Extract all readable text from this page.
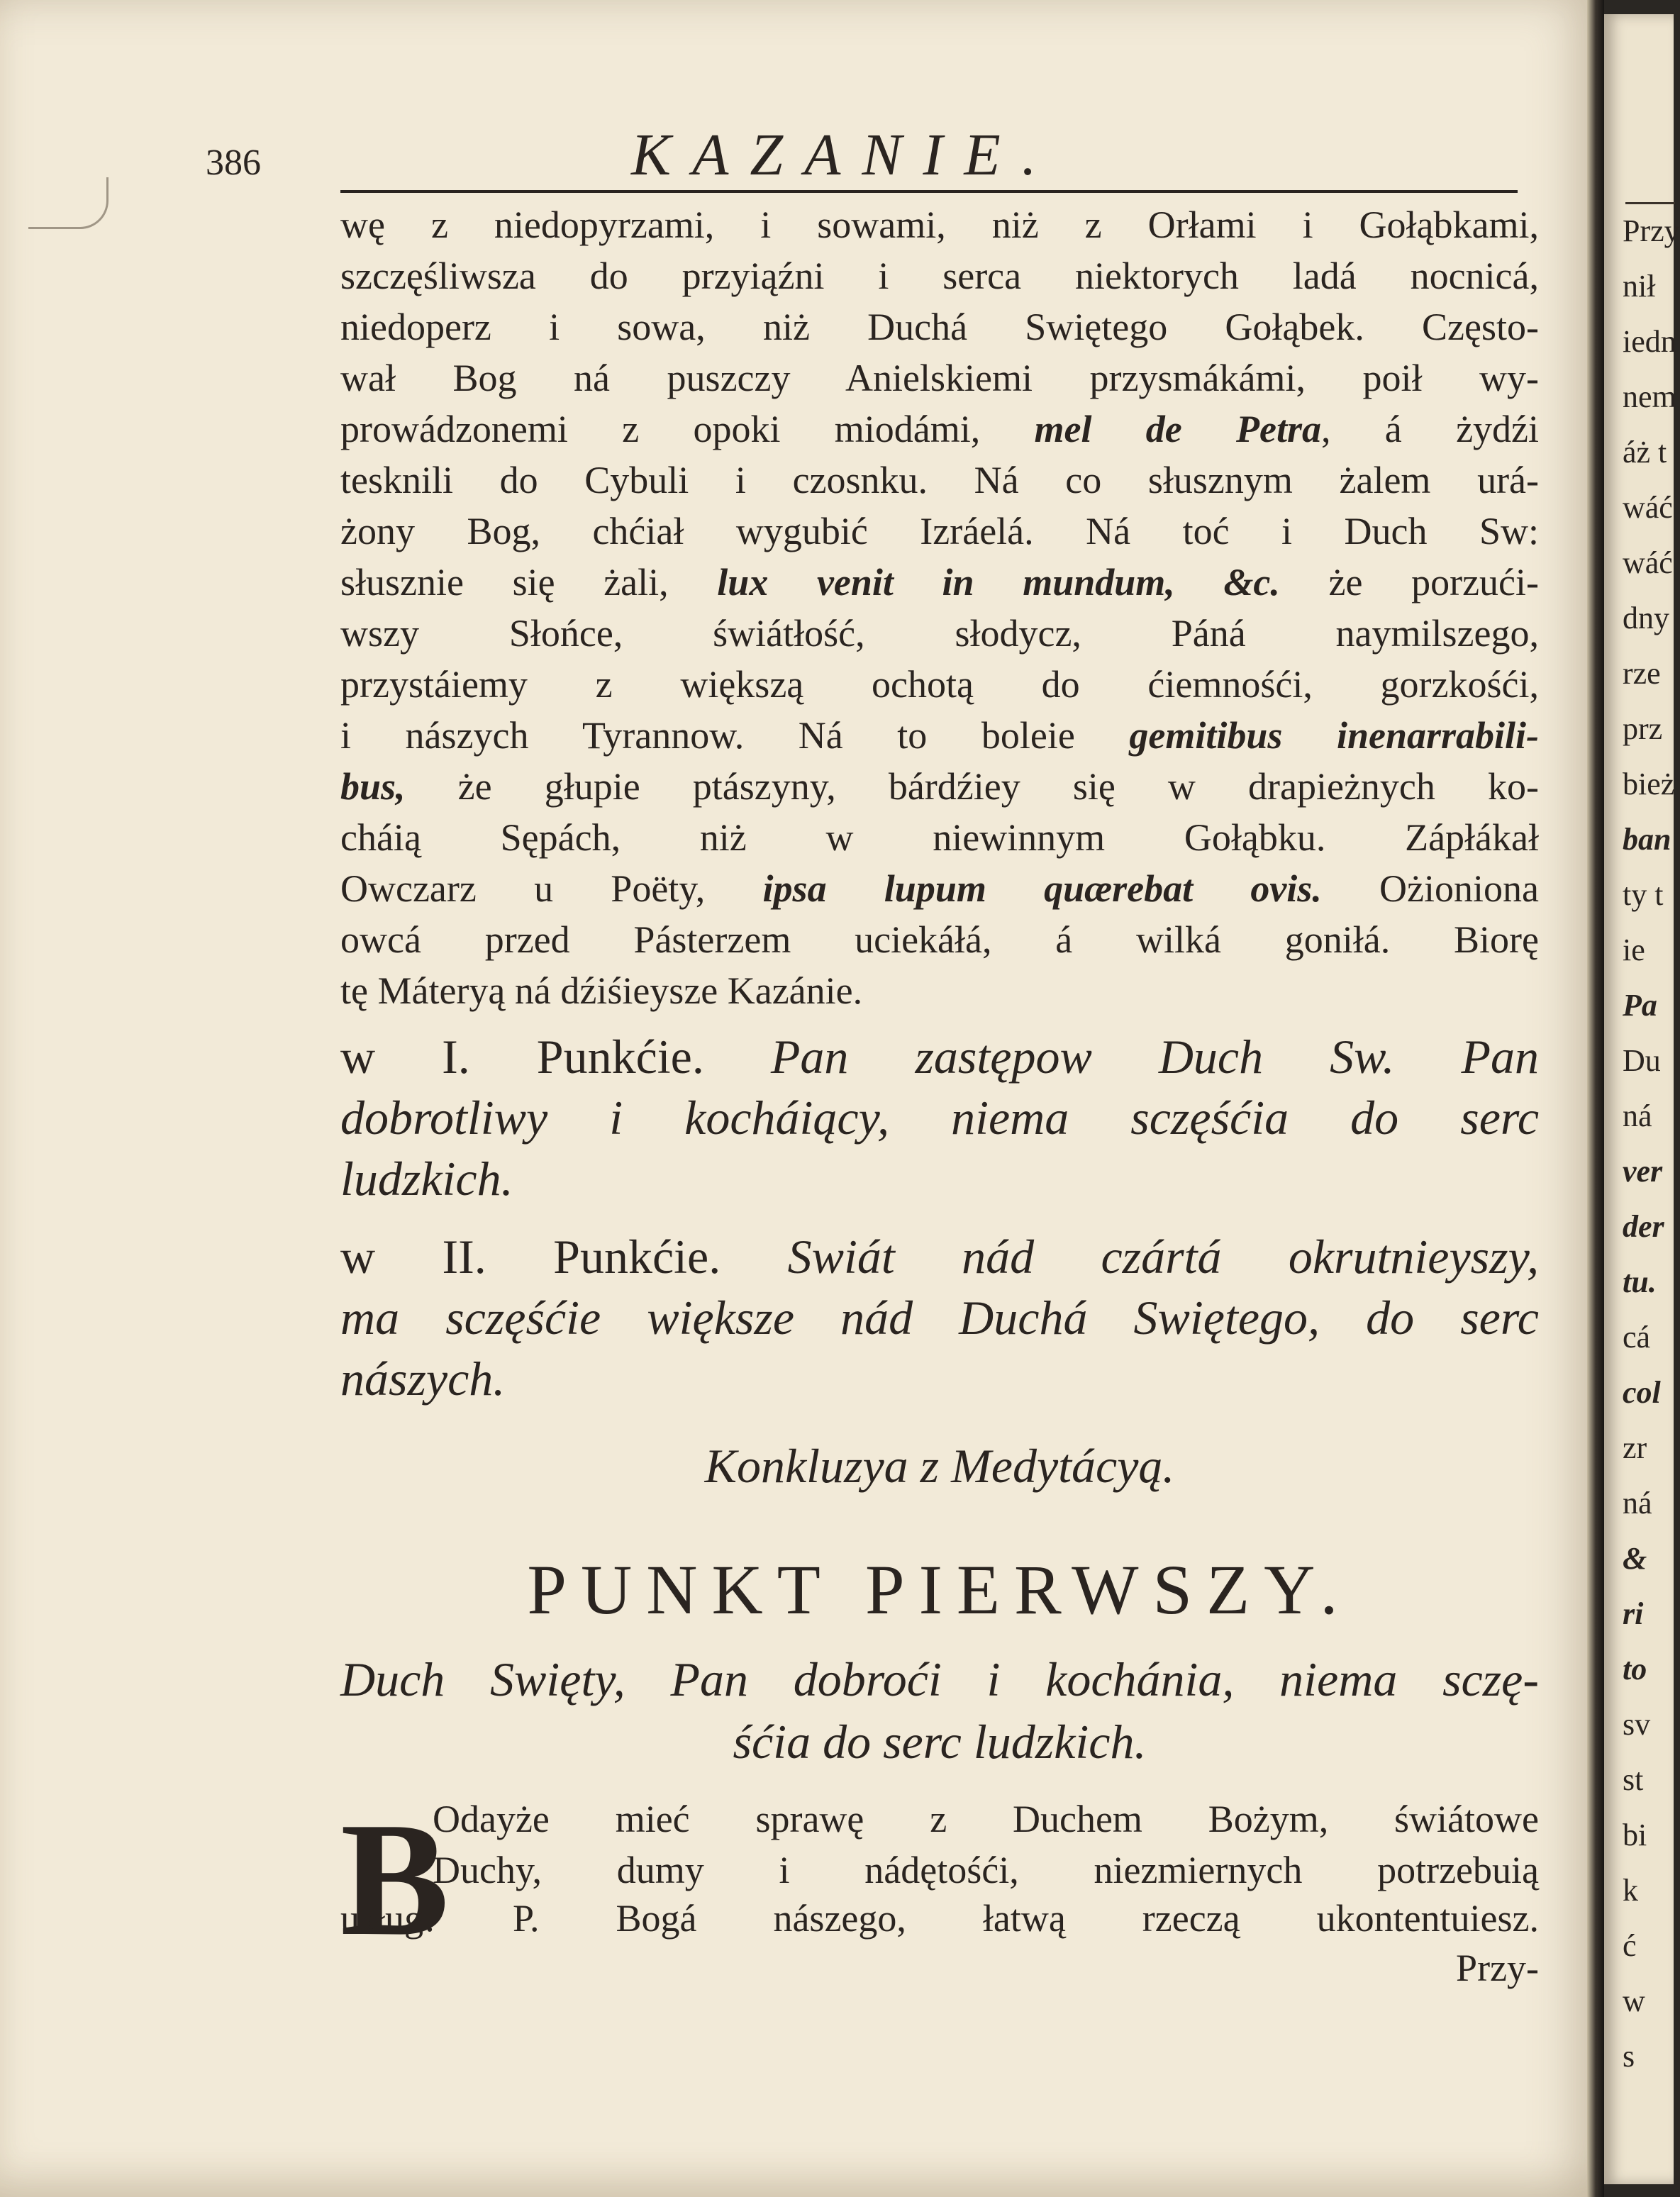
386	KAZANIE.
wę z niedopyrzami, i sowami, niż z Orłami i Gołąbkami,
szczęśliwsza do przyiąźni i serca niektorych ladá nocnicá,
niedoperz i sowa, niż Duchá Swiętego Gołąbek. Często-
wał Bog ná puszczy Anielskiemi przysmákámi, poił wy-
prowádzonemi z opoki miodámi, mel de Petra, á żydźi
tesknili do Cybuli i czosnku. Ná co słusznym żalem urá-
żony Bog, chćiał wygubić Izráelá. Ná toć i Duch Sw:
słusznie się żali, lux venit in mundum, &c. że porzući-
wszy Słońce, świátłość, słodycz, Páná naymilszego,
przystáiemy z większą ochotą do ćiemnośći, gorzkośći,
i nászych Tyrannow. Ná to boleie gemitibus inenarrabili-
bus, że głupie ptászyny, bárdźiey się w drapieżnych ko-
cháią Sępách, niż w niewinnym Gołąbku. Zápłákał
Owczarz u Poëty, ipsa lupum quærebat ovis. Ożioniona
owcá przed Pásterzem uciekáłá, á wilká goniłá. Biorę
tę Máteryą ná dźiśieysze Kazánie.
w I. Punkćie. Pan zastępow Duch Sw. Pan
dobrotliwy i kocháiący, niema sczęśćia do serc
ludzkich.
w II. Punkćie. Swiát nád czártá okrutnieyszy,
ma sczęśćie większe nád Duchá Swiętego, do serc
nászych.
Konkluzya z Medytácyą.
PUNKT PIERWSZY.
Duch Swięty, Pan dobroći i kochánia, niema sczę-
śćia do serc ludzkich.
B
Odayże mieć sprawę z Duchem Bożym, świátowe
Duchy, dumy i nádętośći, niezmiernych potrzebuią
usług! P. Bogá nászego, łatwą rzeczą ukontentuiesz.
Przy-
Przy
nił
iedn
nem
áż t
wáć
wáć
dny
rze
prz
bież
ban
ty t
ie
Pa
Du
ná
ver
der
tu.
cá
col
zr
ná
&
ri
to
sv
st
bi
k
ć
w
s
